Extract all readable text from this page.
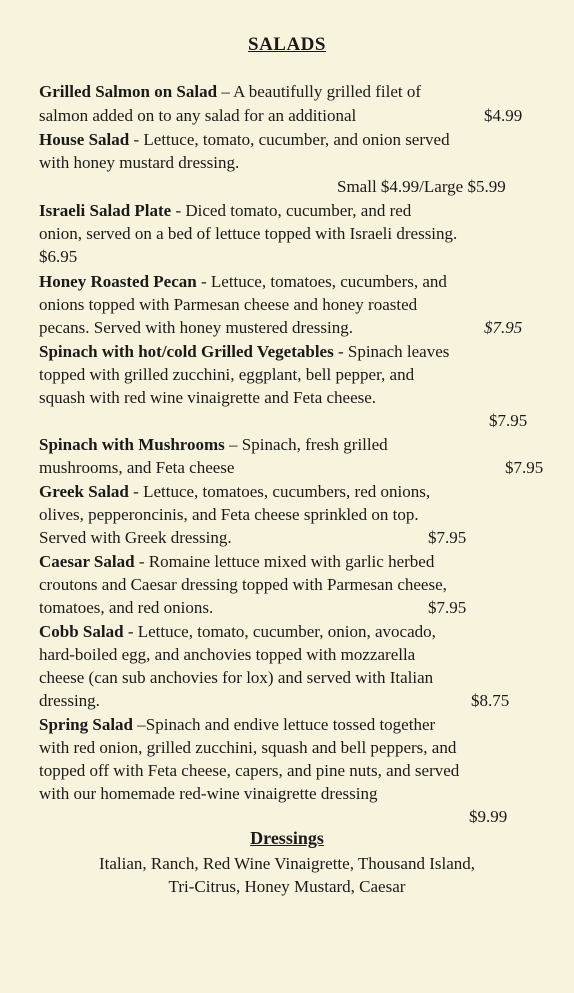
SALADS
Grilled Salmon on Salad – A beautifully grilled filet of
salmon added on to any salad for an additional	$4.99
House Salad - Lettuce, tomato, cucumber, and onion served
with honey mustard dressing.
Small $4.99/Large $5.99
Israeli Salad Plate - Diced tomato, cucumber, and red
onion, served on a bed of lettuce topped with Israeli dressing.
$6.95
Honey Roasted Pecan - Lettuce, tomatoes, cucumbers, and
onions topped with Parmesan cheese and honey roasted
pecans. Served with honey mustered dressing.	$7.95
Spinach with hot/cold Grilled Vegetables - Spinach leaves
topped with grilled zucchini, eggplant, bell pepper, and
squash with red wine vinaigrette and Feta cheese.
$7.95
Spinach with Mushrooms – Spinach, fresh grilled
mushrooms, and Feta cheese	$7.95
Greek Salad - Lettuce, tomatoes, cucumbers, red onions,
olives, pepperoncinis, and Feta cheese sprinkled on top.
Served with Greek dressing.	$7.95
Caesar Salad - Romaine lettuce mixed with garlic herbed
croutons and Caesar dressing topped with Parmesan cheese,
tomatoes, and red onions.	$7.95
Cobb Salad - Lettuce, tomato, cucumber, onion, avocado,
hard-boiled egg, and anchovies topped with mozzarella
cheese (can sub anchovies for lox) and served with Italian
dressing.	$8.75
Spring Salad –Spinach and endive lettuce tossed together
with red onion, grilled zucchini, squash and bell peppers, and
topped off with Feta cheese, capers, and pine nuts, and served
with our homemade red-wine vinaigrette dressing
$9.99
Dressings
Italian, Ranch, Red Wine Vinaigrette, Thousand Island,
Tri-Citrus, Honey Mustard, Caesar
